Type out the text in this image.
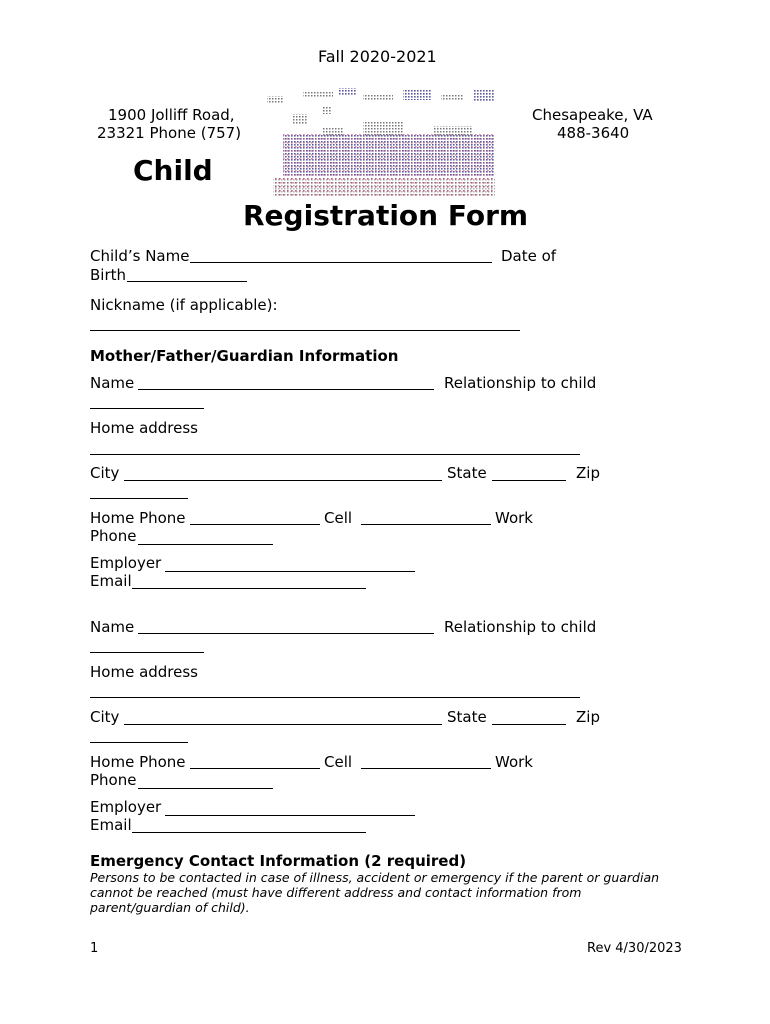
Fall 2020-2021
1900 Jolliff Road,
23321 Phone (757)
Chesapeake, VA
488-3640
Child
Registration Form
Child’s Name	Date of
Birth
Nickname (if applicable):
Mother/Father/Guardian Information
Name	Relationship to child
Home address
City	State	Zip
Home Phone	Cell	Work
Phone
Employer
Email
Name	Relationship to child
Home address
City	State	Zip
Home Phone	Cell	Work
Phone
Employer
Email
Emergency Contact Information (2 required)
Persons to be contacted in case of illness, accident or emergency if the parent or guardian cannot be reached (must have different address and contact information from parent/guardian of child).
1	Rev 4/30/2023
